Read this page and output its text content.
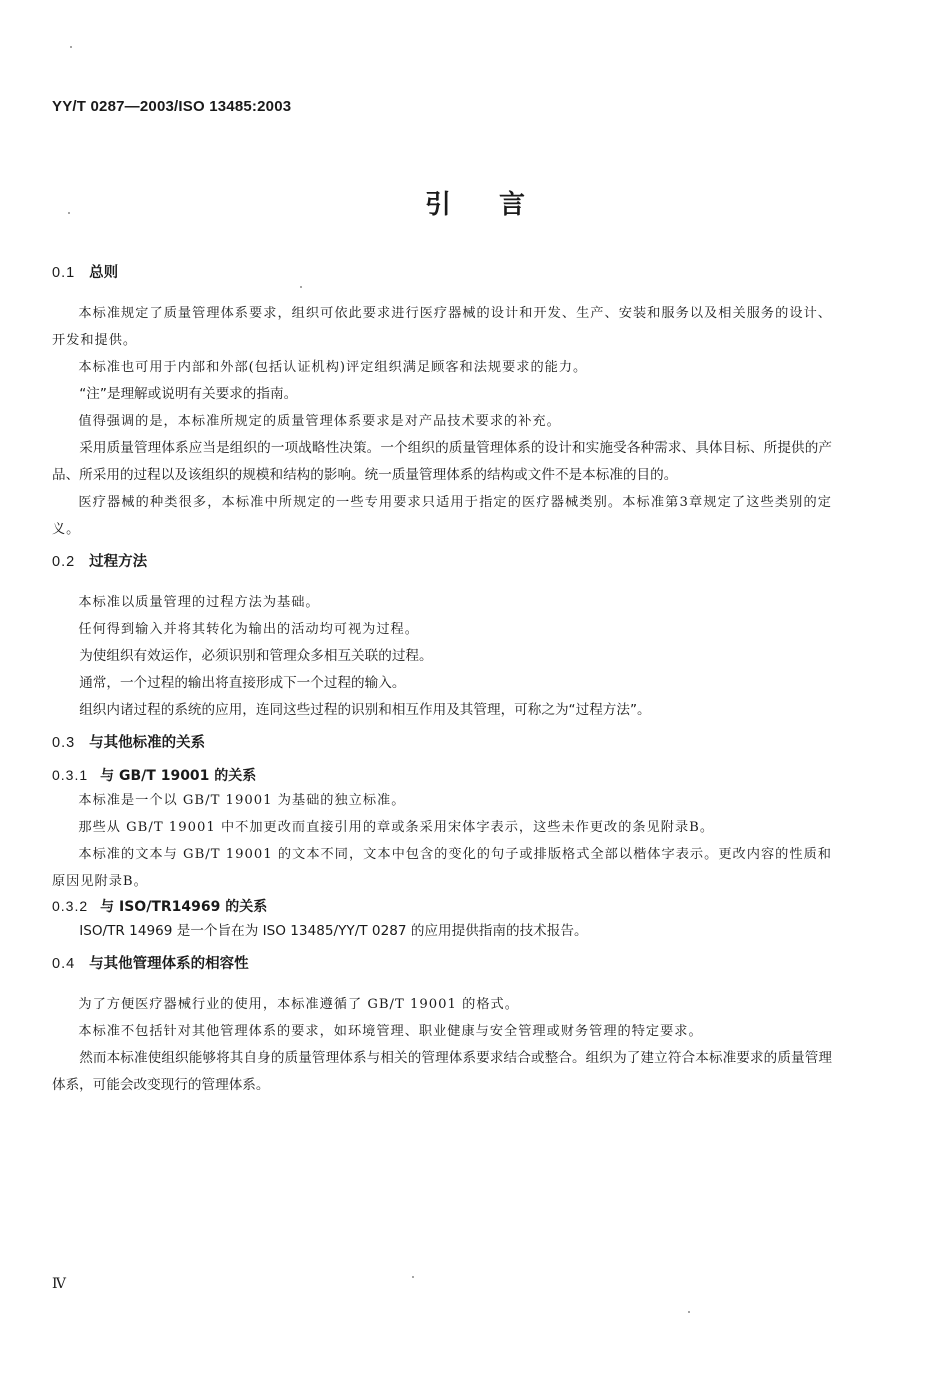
YY/T 0287—2003/ISO 13485:2003
引言
0.1 总则

本标准规定了质量管理体系要求，组织可依此要求进行医疗器械的设计和开发、生产、安装和服务以及相关服务的设计、开发和提供。

本标准也可用于内部和外部(包括认证机构)评定组织满足顾客和法规要求的能力。

“注”是理解或说明有关要求的指南。

值得强调的是，本标准所规定的质量管理体系要求是对产品技术要求的补充。

采用质量管理体系应当是组织的一项战略性决策。一个组织的质量管理体系的设计和实施受各种需求、具体目标、所提供的产品、所采用的过程以及该组织的规模和结构的影响。统一质量管理体系的结构或文件不是本标准的目的。

医疗器械的种类很多，本标准中所规定的一些专用要求只适用于指定的医疗器械类别。本标准第3章规定了这些类别的定义。

0.2 过程方法

本标准以质量管理的过程方法为基础。

任何得到输入并将其转化为输出的活动均可视为过程。

为使组织有效运作，必须识别和管理众多相互关联的过程。

通常，一个过程的输出将直接形成下一个过程的输入。

组织内诸过程的系统的应用，连同这些过程的识别和相互作用及其管理，可称之为“过程方法”。

0.3 与其他标准的关系
0.3.1 与 GB/T 19001 的关系

本标准是一个以 GB/T 19001 为基础的独立标准。

那些从 GB/T 19001 中不加更改而直接引用的章或条采用宋体字表示，这些未作更改的条见附录B。

本标准的文本与 GB/T 19001 的文本不同，文本中包含的变化的句子或排版格式全部以楷体字表示。更改内容的性质和原因见附录B。

0.3.2 与 ISO/TR14969 的关系

ISO/TR 14969 是一个旨在为 ISO 13485/YY/T 0287 的应用提供指南的技术报告。

0.4 与其他管理体系的相容性

为了方便医疗器械行业的使用，本标准遵循了 GB/T 19001 的格式。

本标准不包括针对其他管理体系的要求，如环境管理、职业健康与安全管理或财务管理的特定要求。

然而本标准使组织能够将其自身的质量管理体系与相关的管理体系要求结合或整合。组织为了建立符合本标准要求的质量管理体系，可能会改变现行的管理体系。

Ⅳ
